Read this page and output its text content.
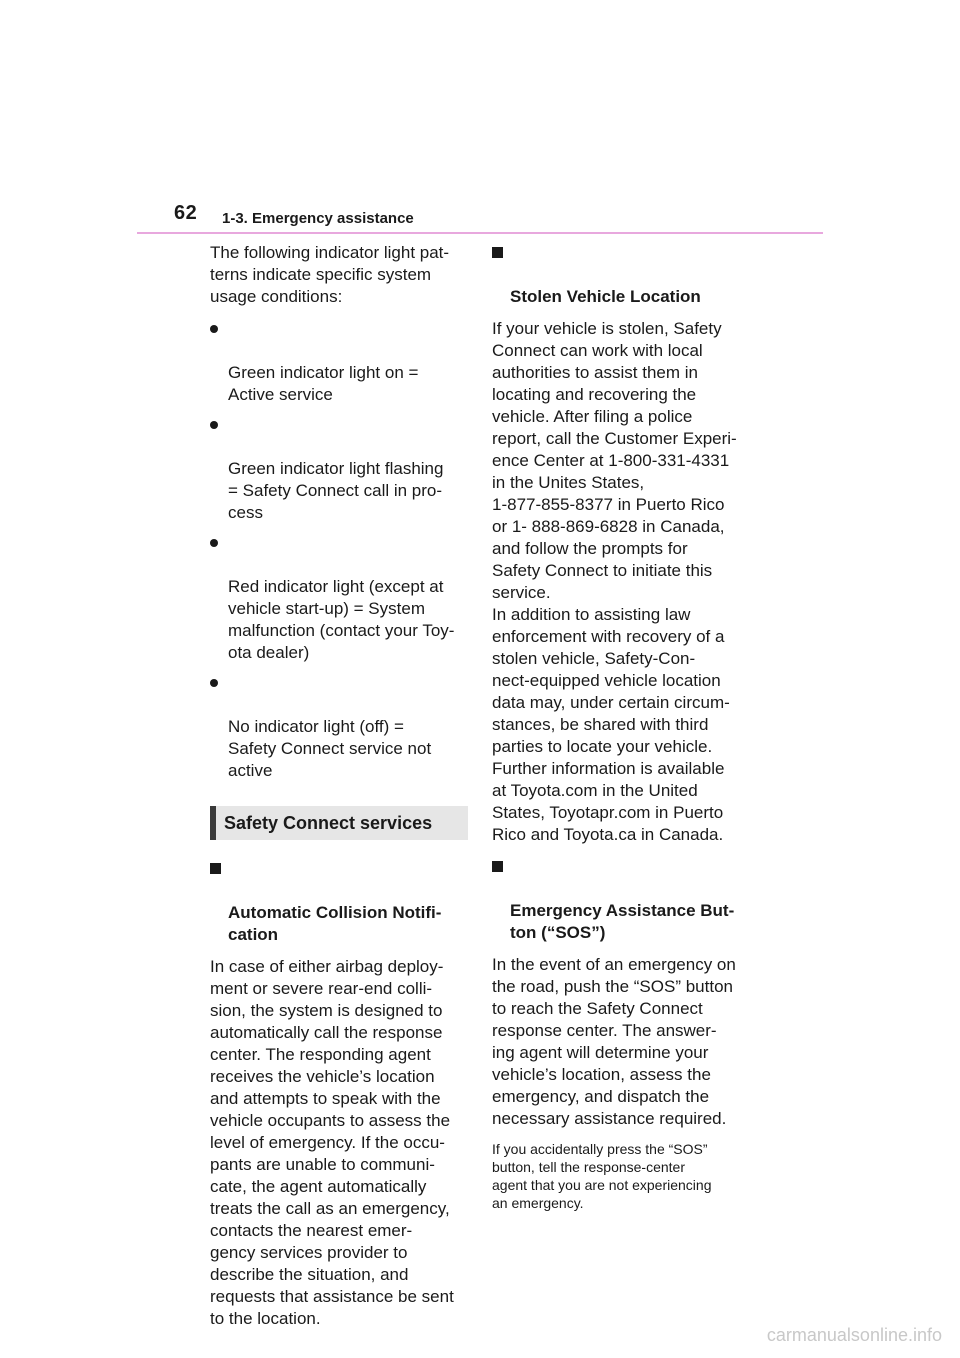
62 1-3. Emergency assistance

The following indicator light pat-
terns indicate specific system
usage conditions:

Green indicator light on =
Active service

Green indicator light flashing
= Safety Connect call in pro-
cess

Red indicator light (except at
vehicle start-up) = System
malfunction (contact your Toy-
ota dealer)

No indicator light (off) =
Safety Connect service not
active

Safety Connect services

Automatic Collision Notifi-
cation

In case of either airbag deploy-
ment or severe rear-end colli-
sion, the system is designed to
automatically call the response
center. The responding agent
receives the vehicle’s location
and attempts to speak with the
vehicle occupants to assess the
level of emergency. If the occu-
pants are unable to communi-
cate, the agent automatically
treats the call as an emergency,
contacts the nearest emer-
gency services provider to
describe the situation, and
requests that assistance be sent
to the location.

Stolen Vehicle Location

If your vehicle is stolen, Safety
Connect can work with local
authorities to assist them in
locating and recovering the
vehicle. After filing a police
report, call the Customer Experi-
ence Center at 1-800-331-4331
in the Unites States,
1-877-855-8377 in Puerto Rico
or 1- 888-869-6828 in Canada,
and follow the prompts for
Safety Connect to initiate this
service.
In addition to assisting law
enforcement with recovery of a
stolen vehicle, Safety-Con-
nect-equipped vehicle location
data may, under certain circum-
stances, be shared with third
parties to locate your vehicle.
Further information is available
at Toyota.com in the United
States, Toyotapr.com in Puerto
Rico and Toyota.ca in Canada.

Emergency Assistance But-
ton (“SOS”)

In the event of an emergency on
the road, push the “SOS” button
to reach the Safety Connect
response center. The answer-
ing agent will determine your
vehicle’s location, assess the
emergency, and dispatch the
necessary assistance required.

If you accidentally press the “SOS”
button, tell the response-center
agent that you are not experiencing
an emergency.

carmanualsonline.info
